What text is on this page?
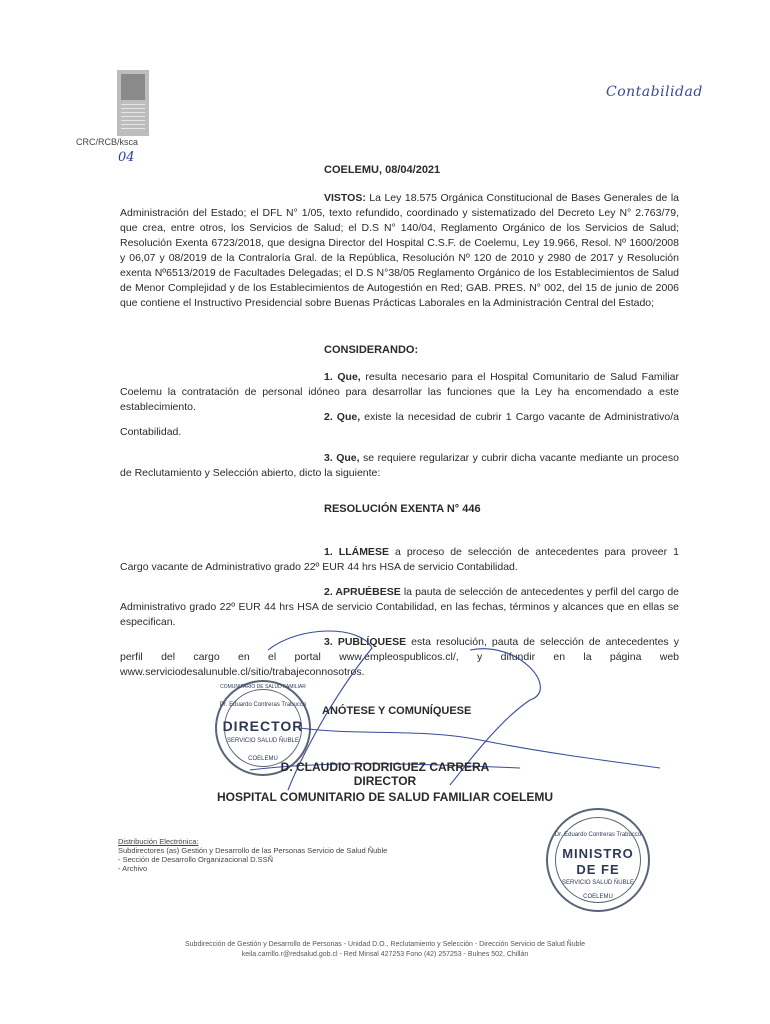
CRC/RCB/ksca
04
Contabilidad
COELEMU, 08/04/2021

VISTOS: La Ley 18.575 Orgánica Constitucional de Bases Generales de la Administración del Estado; el DFL N° 1/05, texto refundido, coordinado y sistematizado del Decreto Ley N° 2.763/79, que crea, entre otros, los Servicios de Salud; el D.S N° 140/04, Reglamento Orgánico de los Servicios de Salud; Resolución Exenta 6723/2018, que designa Director del Hospital C.S.F. de Coelemu, Ley 19.966, Resol. Nº 1600/2008 y 06,07 y 08/2019 de la Contraloría Gral. de la República, Resolución Nº 120 de 2010 y 2980 de 2017 y Resolución exenta Nº6513/2019 de Facultades Delegadas; el D.S N°38/05 Reglamento Orgánico de los Establecimientos de Salud de Menor Complejidad y de los Establecimientos de Autogestión en Red; GAB. PRES. N° 002, del 15 de junio de 2006 que contiene el Instructivo Presidencial sobre Buenas Prácticas Laborales en la Administración Central del Estado;

CONSIDERANDO:

1. Que, resulta necesario para el Hospital Comunitario de Salud Familiar Coelemu la contratación de personal idóneo para desarrollar las funciones que la Ley ha encomendado a este establecimiento.

2. Que, existe la necesidad de cubrir 1 Cargo vacante de Administrativo/a Contabilidad.

3. Que, se requiere regularizar y cubrir dicha vacante mediante un proceso de Reclutamiento y Selección abierto, dicto la siguiente:

RESOLUCIÓN EXENTA N° 446

1. LLÁMESE a proceso de selección de antecedentes para proveer 1 Cargo vacante de Administrativo grado 22º EUR 44 hrs HSA de servicio Contabilidad.

2. APRUÉBESE la pauta de selección de antecedentes y perfil del cargo de Administrativo grado 22º EUR 44 hrs HSA de servicio Contabilidad, en las fechas, términos y alcances que en ellas se especifican.

3. PUBLÍQUESE esta resolución, pauta de selección de antecedentes y perfil del cargo en el portal www.empleospublicos.cl/, y difundir en la página web www.serviciodesalunuble.cl/sitio/trabajeconnosotros.

COMUNITARIO DE SALUD FAMILIAR
Dr. Eduardo Contreras Trabucco
DIRECTOR
SERVICIO SALUD ÑUBLE
COELEMU
ANÓTESE Y COMUNÍQUESE
D. CLAUDIO RODRIGUEZ CARRERA
DIRECTOR
HOSPITAL COMUNITARIO DE SALUD FAMILIAR COELEMU
Dr. Eduardo Contreras Trabucco
MINISTRO
DE FE
SERVICIO SALUD ÑUBLE
COELEMU
Distribución Electrónica:
Subdirectores (as) Gestión y Desarrollo de las Personas Servicio de Salud Ñuble
- Sección de Desarrollo Organizacional D.SSÑ
- Archivo
Subdirección de Gestión y Desarrollo de Personas - Unidad D.O., Reclutamiento y Selección - Dirección Servicio de Salud Ñuble
keila.carrillo.r@redsalud.gob.cl - Red Minsal 427253 Fono (42) 257253 - Bulnes 502, Chillán
